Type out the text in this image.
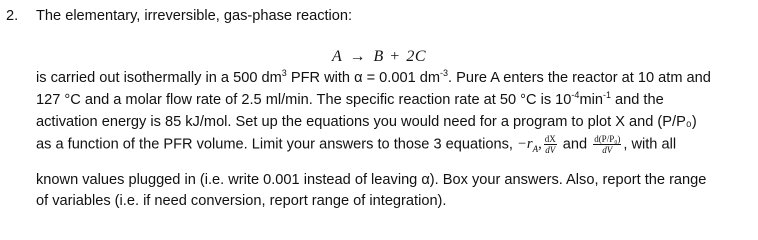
2. The elementary, irreversible, gas-phase reaction:
A → B + 2C
is carried out isothermally in a 500 $dm^3$ PFR with α = 0.001 $dm^{-3}$. Pure A enters the reactor at 10 atm and
127 °C and a molar flow rate of 2.5 ml/min. The specific reaction rate at 50 °C is $10^{-4}\min^{-1}$ and the
activation energy is 85 kJ/mol. Set up the equations you would need for a program to plot X and (P/P₀)
as a function of the PFR volume. Limit your answers to those 3 equations, $-r_A$, $\frac{dX}{dV}$ and $\frac{\text{d(P/P₀)}}{dV}$ , with all
known values plugged in (i.e. write 0.001 instead of leaving α). Box your answers. Also, report the range
of variables (i.e. if need conversion, report range of integration).
